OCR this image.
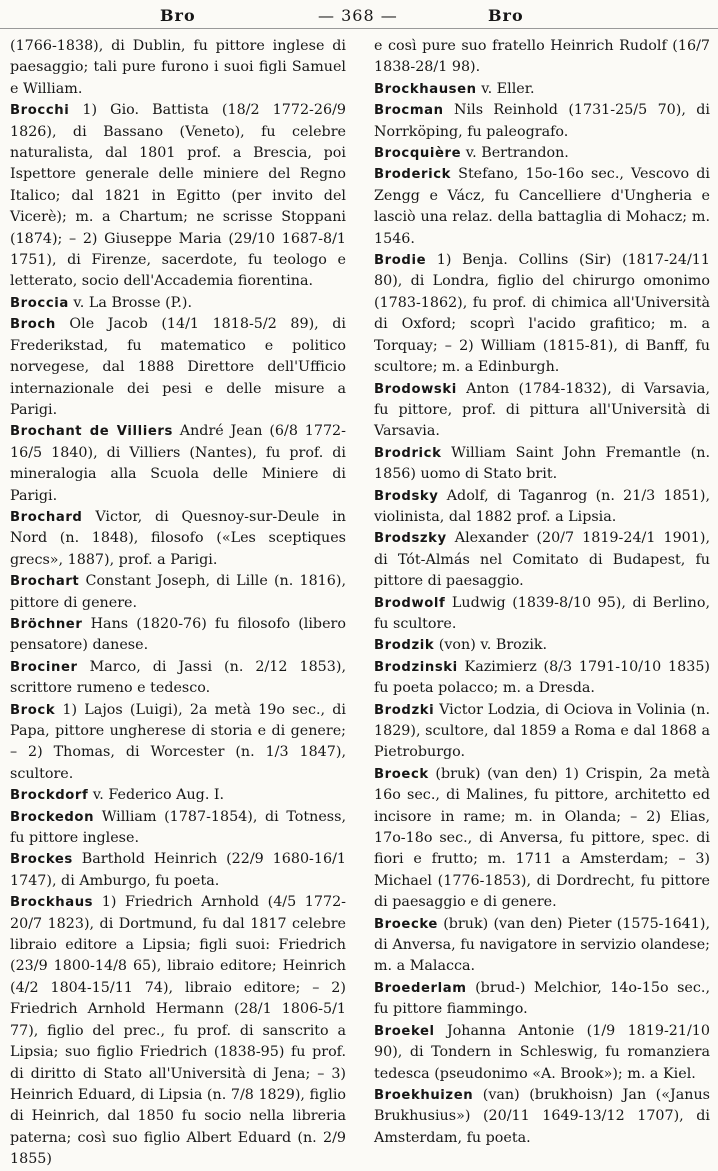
Bro	— 368 —	Bro

(1766-1838), di Dublin, fu pittore inglese di paesaggio; tali pure furono i suoi figli Samuel e William.

Brocchi 1) Gio. Battista (18/2 1772-26/9 1826), di Bassano (Veneto), fu celebre naturalista, dal 1801 prof. a Brescia, poi Ispettore generale delle miniere del Regno Italico; dal 1821 in Egitto (per invito del Vicerè); m. a Chartum; ne scrisse Stoppani (1874); – 2) Giuseppe Maria (29/10 1687-8/1 1751), di Firenze, sacerdote, fu teologo e letterato, socio dell'Accademia fiorentina.

Broccia v. La Brosse (P.).

Broch Ole Jacob (14/1 1818-5/2 89), di Frederikstad, fu matematico e politico norvegese, dal 1888 Direttore dell'Ufficio internazionale dei pesi e delle misure a Parigi.

Brochant de Villiers André Jean (6/8 1772-16/5 1840), di Villiers (Nantes), fu prof. di mineralogia alla Scuola delle Miniere di Parigi.

Brochard Victor, di Quesnoy-sur-Deule in Nord (n. 1848), filosofo («Les sceptiques grecs», 1887), prof. a Parigi.

Brochart Constant Joseph, di Lille (n. 1816), pittore di genere.

Bröchner Hans (1820-76) fu filosofo (libero pensatore) danese.

Brociner Marco, di Jassi (n. 2/12 1853), scrittore rumeno e tedesco.

Brock 1) Lajos (Luigi), 2a metà 19o sec., di Papa, pittore ungherese di storia e di genere; – 2) Thomas, di Worcester (n. 1/3 1847), scultore.

Brockdorf v. Federico Aug. I.

Brockedon William (1787-1854), di Totness, fu pittore inglese.

Brockes Barthold Heinrich (22/9 1680-16/1 1747), di Amburgo, fu poeta.

Brockhaus 1) Friedrich Arnhold (4/5 1772-20/7 1823), di Dortmund, fu dal 1817 celebre libraio editore a Lipsia; figli suoi: Friedrich (23/9 1800-14/8 65), libraio editore; Heinrich (4/2 1804-15/11 74), libraio editore; – 2) Friedrich Arnhold Hermann (28/1 1806-5/1 77), figlio del prec., fu prof. di sanscrito a Lipsia; suo figlio Friedrich (1838-95) fu prof. di diritto di Stato all'Università di Jena; – 3) Heinrich Eduard, di Lipsia (n. 7/8 1829), figlio di Heinrich, dal 1850 fu socio nella libreria paterna; così suo figlio Albert Eduard (n. 2/9 1855)

e così pure suo fratello Heinrich Rudolf (16/7 1838-28/1 98).

Brockhausen v. Eller.

Brocman Nils Reinhold (1731-25/5 70), di Norrköping, fu paleografo.

Brocquière v. Bertrandon.

Broderick Stefano, 15o-16o sec., Vescovo di Zengg e Vácz, fu Cancelliere d'Ungheria e lasciò una relaz. della battaglia di Mohacz; m. 1546.

Brodie 1) Benja. Collins (Sir) (1817-24/11 80), di Londra, figlio del chirurgo omonimo (1783-1862), fu prof. di chimica all'Università di Oxford; scoprì l'acido grafitico; m. a Torquay; – 2) William (1815-81), di Banff, fu scultore; m. a Edinburgh.

Brodowski Anton (1784-1832), di Varsavia, fu pittore, prof. di pittura all'Università di Varsavia.

Brodrick William Saint John Fremantle (n. 1856) uomo di Stato brit.

Brodsky Adolf, di Taganrog (n. 21/3 1851), violinista, dal 1882 prof. a Lipsia.

Brodszky Alexander (20/7 1819-24/1 1901), di Tót-Almás nel Comitato di Budapest, fu pittore di paesaggio.

Brodwolf Ludwig (1839-8/10 95), di Berlino, fu scultore.

Brodzik (von) v. Brozik.

Brodzinski Kazimierz (8/3 1791-10/10 1835) fu poeta polacco; m. a Dresda.

Brodzki Victor Lodzia, di Ociova in Volinia (n. 1829), scultore, dal 1859 a Roma e dal 1868 a Pietroburgo.

Broeck (bruk) (van den) 1) Crispin, 2a metà 16o sec., di Malines, fu pittore, architetto ed incisore in rame; m. in Olanda; – 2) Elias, 17o-18o sec., di Anversa, fu pittore, spec. di fiori e frutto; m. 1711 a Amsterdam; – 3) Michael (1776-1853), di Dordrecht, fu pittore di paesaggio e di genere.

Broecke (bruk) (van den) Pieter (1575-1641), di Anversa, fu navigatore in servizio olandese; m. a Malacca.

Broederlam (brud-) Melchior, 14o-15o sec., fu pittore fiammingo.

Broekel Johanna Antonie (1/9 1819-21/10 90), di Tondern in Schleswig, fu romanziera tedesca (pseudonimo «A. Brook»); m. a Kiel.

Broekhuizen (van) (brukhoisn) Jan («Janus Brukhusius») (20/11 1649-13/12 1707), di Amsterdam, fu poeta.
